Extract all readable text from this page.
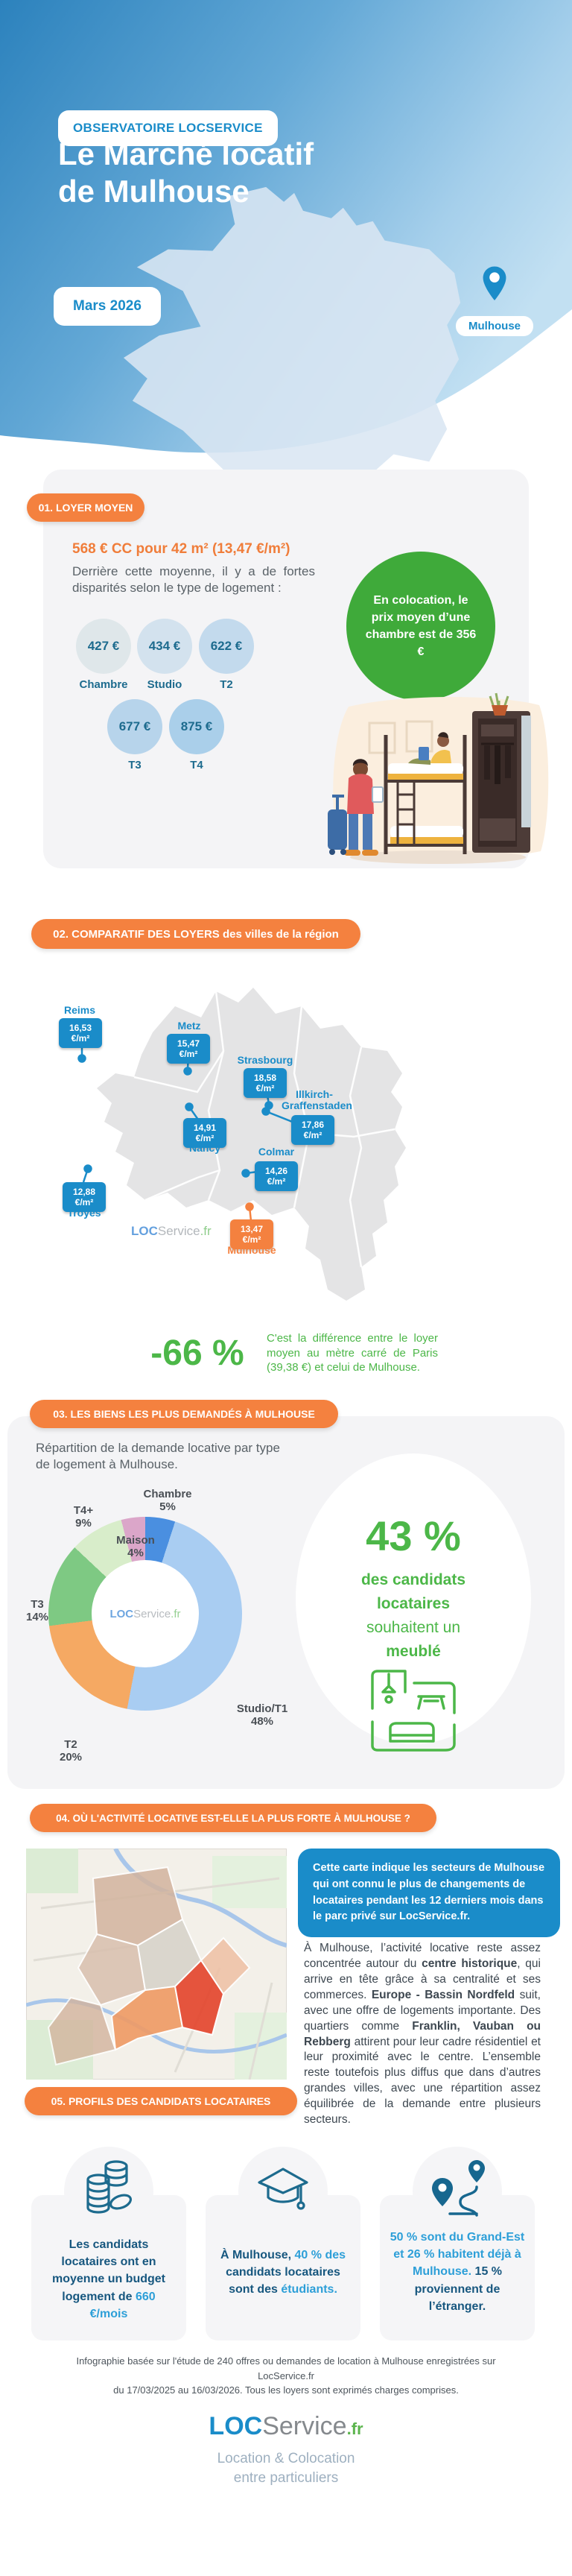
OBSERVATOIRE LOCSERVICE
Le Marché locatif
de Mulhouse
Mars 2026
Mulhouse
01. LOYER MOYEN
568 € CC pour 42 m² (13,47 €/m²)
Derrière cette moyenne, il y a de fortes disparités selon le type de logement :
427 €	434 €	622 €
Chambre	Studio	T2
677 €	875 €
T3	T4
En colocation, le prix moyen d’une chambre est de 356 €
02. COMPARATIF DES LOYERS des villes de la région
Reims
16,53 €/m²
Metz
15,47 €/m²	Strasbourg
18,58 €/m²	Illkirch-Graffenstaden
17,86 €/m²
14,91 €/m²
Nancy	Colmar
14,26 €/m²
12,88 €/m²
Troyes
13,47 €/m²
Mulhouse
LOCService.fr
-66 %	C'est la différence entre le loyer moyen au mètre carré de Paris (39,38 €) et celui de Mulhouse.
03. LES BIENS LES PLUS DEMANDÉS À MULHOUSE
Répartition de la demande locative par type de logement à Mulhouse.
LOCService.fr
Chambre
5%
T4+
9%
Maison
4%
T3
14%
T2
20%
Studio/T1
48%
43 %
des candidats
locataires
souhaitent un
meublé
04. OÙ L'ACTIVITÉ LOCATIVE EST-ELLE LA PLUS FORTE À MULHOUSE ?
Cette carte indique les secteurs de Mulhouse qui ont connu le plus de changements de locataires pendant les 12 derniers mois dans le parc privé sur LocService.fr.
À Mulhouse, l’activité locative reste assez concentrée autour du centre historique, qui arrive en tête grâce à sa centralité et ses commerces. Europe - Bassin Nordfeld suit, avec une offre de logements importante. Des quartiers comme Franklin, Vauban ou Rebberg attirent pour leur cadre résidentiel et leur proximité avec le centre. L’ensemble reste toutefois plus diffus que dans d’autres grandes villes, avec une répartition assez équilibrée de la demande entre plusieurs secteurs.
05. PROFILS DES CANDIDATS LOCATAIRES
Les candidats locataires ont en moyenne un budget logement de 660 €/mois
À Mulhouse, 40 % des candidats locataires sont des étudiants.
50 % sont du Grand-Est et 26 % habitent déjà à Mulhouse. 15 % proviennent de l’étranger.
Infographie basée sur l'étude de 240 offres ou demandes de location à Mulhouse enregistrées sur LocService.fr
du 17/03/2025 au 16/03/2026. Tous les loyers sont exprimés charges comprises.
LOCService.fr
Location & Colocation
entre particuliers
